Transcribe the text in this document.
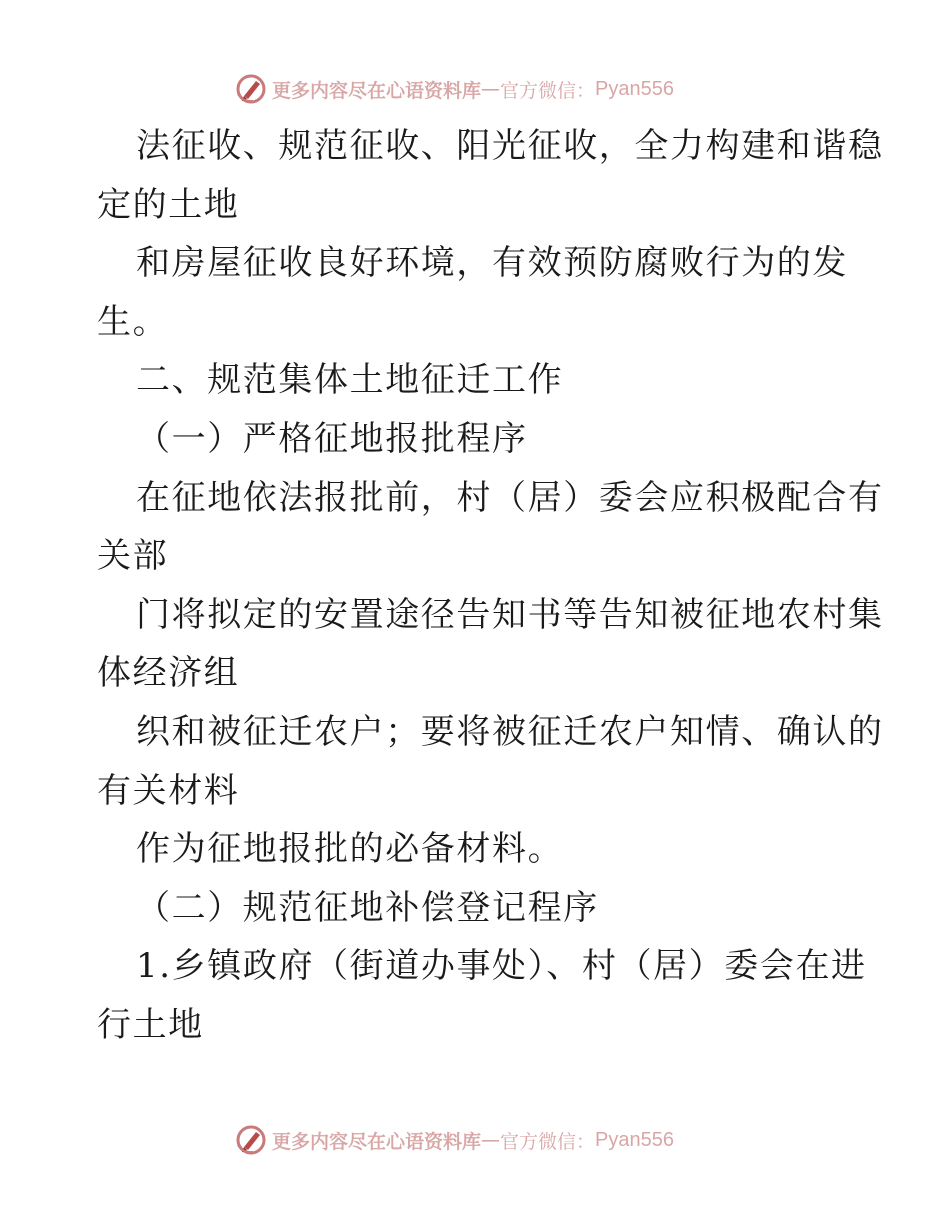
更多内容尽在心语资料库 — 官方微信： Pyan556
法征收、规范征收、阳光征收，全力构建和谐稳
定的土地
和房屋征收良好环境，有效预防腐败行为的发
生。
二、规范集体土地征迁工作
（一）严格征地报批程序
在征地依法报批前，村（居）委会应积极配合有
关部
门将拟定的安置途径告知书等告知被征地农村集
体经济组
织和被征迁农户；要将被征迁农户知情、确认的
有关材料
作为征地报批的必备材料。
（二）规范征地补偿登记程序
1.乡镇政府（街道办事处）、村（居）委会在进
行土地
更多内容尽在心语资料库 — 官方微信： Pyan556
